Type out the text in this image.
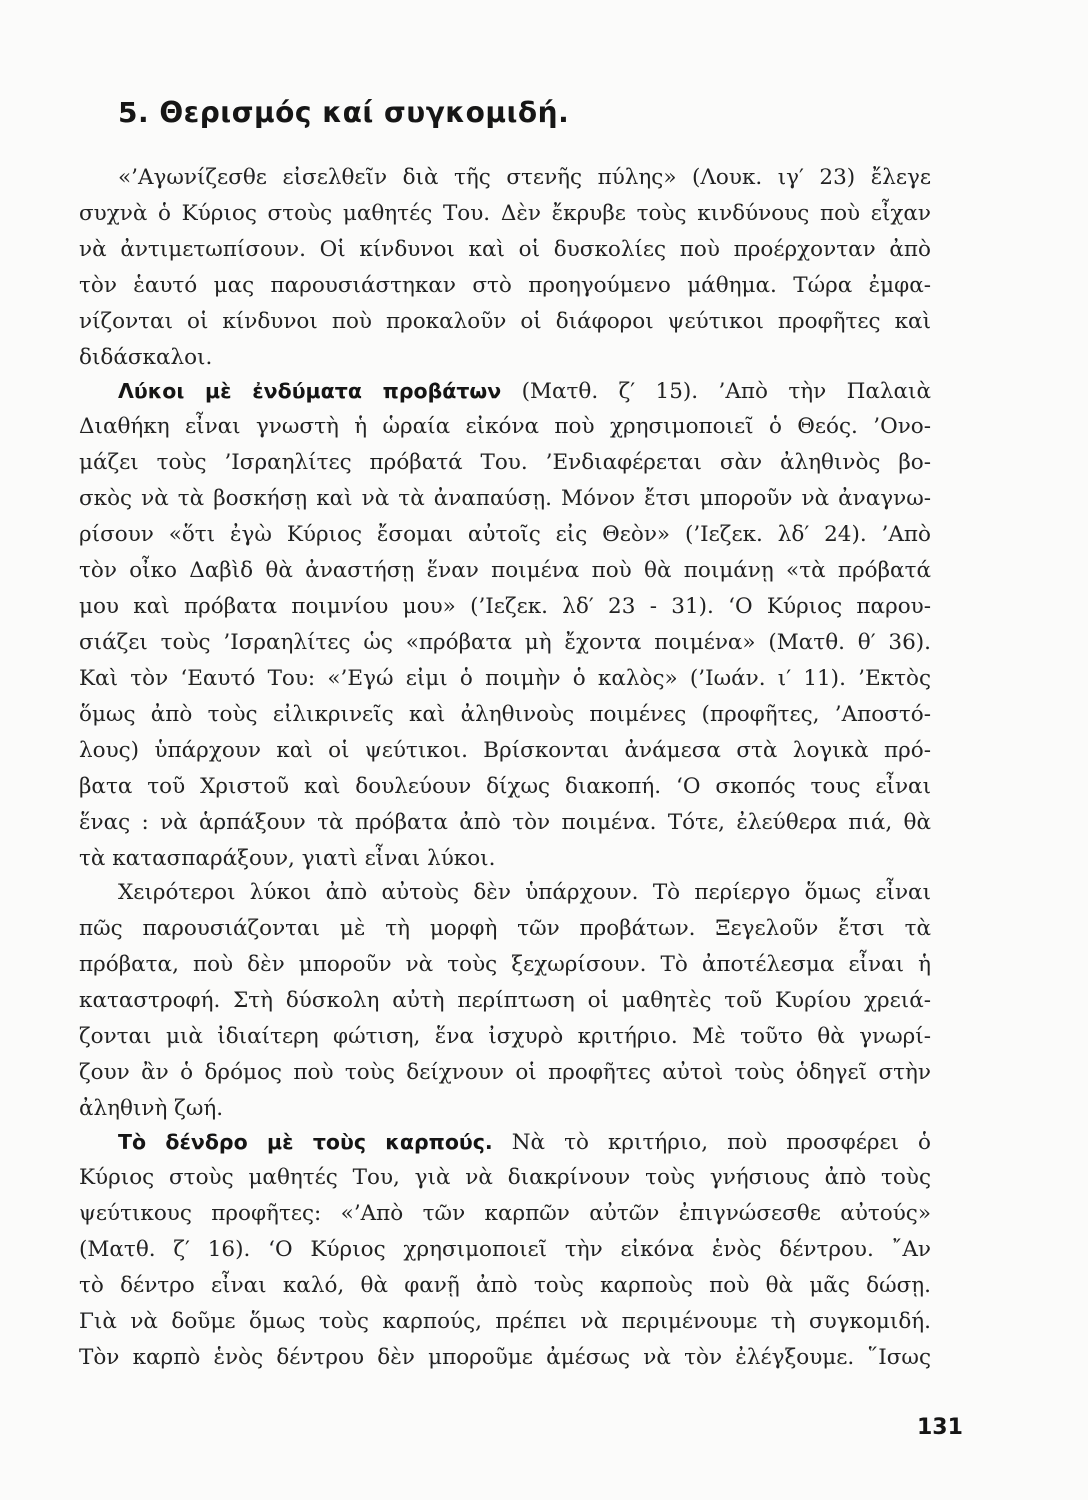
5. Θερισμός καί συγκομιδή.
«’Αγωνίζεσθε εἰσελθεῖν διὰ τῆς στενῆς πύλης» (Λουκ. ιγ′ 23) ἔλεγε
συχνὰ ὁ Κύριος στοὺς μαθητές Του. Δὲν ἔκρυβε τοὺς κινδύνους ποὺ εἶχαν
νὰ ἀντιμετωπίσουν. Οἱ κίνδυνοι καὶ οἱ δυσκολίες ποὺ προέρχονταν ἀπὸ
τὸν ἑαυτό μας παρουσιάστηκαν στὸ προηγούμενο μάθημα. Τώρα ἐμφα-
νίζονται οἱ κίνδυνοι ποὺ προκαλοῦν οἱ διάφοροι ψεύτικοι προφῆτες καὶ
διδάσκαλοι.
Λύκοι μὲ ἐνδύματα προβάτων (Ματθ. ζ′ 15). ’Απὸ τὴν Παλαιὰ
Διαθήκη εἶναι γνωστὴ ἡ ὡραία εἰκόνα ποὺ χρησιμοποιεῖ ὁ Θεός. ’Ονο-
μάζει τοὺς ’Ισραηλίτες πρόβατά Του. ’Ενδιαφέρεται σὰν ἀληθινὸς βο-
σκὸς νὰ τὰ βοσκήσῃ καὶ νὰ τὰ ἀναπαύσῃ. Μόνον ἔτσι μποροῦν νὰ ἀναγνω-
ρίσουν «ὅτι ἐγὼ Κύριος ἔσομαι αὐτοῖς εἰς Θεὸν» (’Ιεζεκ. λδ′ 24). ’Απὸ
τὸν οἶκο Δαβὶδ θὰ ἀναστήσῃ ἕναν ποιμένα ποὺ θὰ ποιμάνῃ «τὰ πρόβατά
μου καὶ πρόβατα ποιμνίου μου» (’Ιεζεκ. λδ′ 23 - 31). ‘Ο Κύριος παρου-
σιάζει τοὺς ’Ισραηλίτες ὡς «πρόβατα μὴ ἔχοντα ποιμένα» (Ματθ. θ′ 36).
Καὶ τὸν ‘Εαυτό Του: «’Εγώ εἰμι ὁ ποιμὴν ὁ καλὸς» (’Ιωάν. ι′ 11). ’Εκτὸς
ὅμως ἀπὸ τοὺς εἰλικρινεῖς καὶ ἀληθινοὺς ποιμένες (προφῆτες, ’Αποστό-
λους) ὑπάρχουν καὶ οἱ ψεύτικοι. Βρίσκονται ἀνάμεσα στὰ λογικὰ πρό-
βατα τοῦ Χριστοῦ καὶ δουλεύουν δίχως διακοπή. ‘Ο σκοπός τους εἶναι
ἕνας : νὰ ἁρπάξουν τὰ πρόβατα ἀπὸ τὸν ποιμένα. Τότε, ἐλεύθερα πιά, θὰ
τὰ κατασπαράξουν, γιατὶ εἶναι λύκοι.
Χειρότεροι λύκοι ἀπὸ αὐτοὺς δὲν ὑπάρχουν. Τὸ περίεργο ὅμως εἶναι
πῶς παρουσιάζονται μὲ τὴ μορφὴ τῶν προβάτων. Ξεγελοῦν ἔτσι τὰ
πρόβατα, ποὺ δὲν μποροῦν νὰ τοὺς ξεχωρίσουν. Τὸ ἀποτέλεσμα εἶναι ἡ
καταστροφή. Στὴ δύσκολη αὐτὴ περίπτωση οἱ μαθητὲς τοῦ Κυρίου χρειά-
ζονται μιὰ ἰδιαίτερη φώτιση, ἕνα ἰσχυρὸ κριτήριο. Μὲ τοῦτο θὰ γνωρί-
ζουν ἂν ὁ δρόμος ποὺ τοὺς δείχνουν οἱ προφῆτες αὐτοὶ τοὺς ὁδηγεῖ στὴν
ἀληθινὴ ζωή.
Τὸ δένδρο μὲ τοὺς καρπούς. Νὰ τὸ κριτήριο, ποὺ προσφέρει ὁ
Κύριος στοὺς μαθητές Του, γιὰ νὰ διακρίνουν τοὺς γνήσιους ἀπὸ τοὺς
ψεύτικους προφῆτες: «’Απὸ τῶν καρπῶν αὐτῶν ἐπιγνώσεσθε αὐτούς»
(Ματθ. ζ′ 16). ‘Ο Κύριος χρησιμοποιεῖ τὴν εἰκόνα ἑνὸς δέντρου. ῎Αν
τὸ δέντρο εἶναι καλό, θὰ φανῇ ἀπὸ τοὺς καρποὺς ποὺ θὰ μᾶς δώσῃ.
Γιὰ νὰ δοῦμε ὅμως τοὺς καρπούς, πρέπει νὰ περιμένουμε τὴ συγκομιδή.
Τὸν καρπὸ ἑνὸς δέντρου δὲν μποροῦμε ἀμέσως νὰ τὸν ἐλέγξουμε. ῞Ισως
131
